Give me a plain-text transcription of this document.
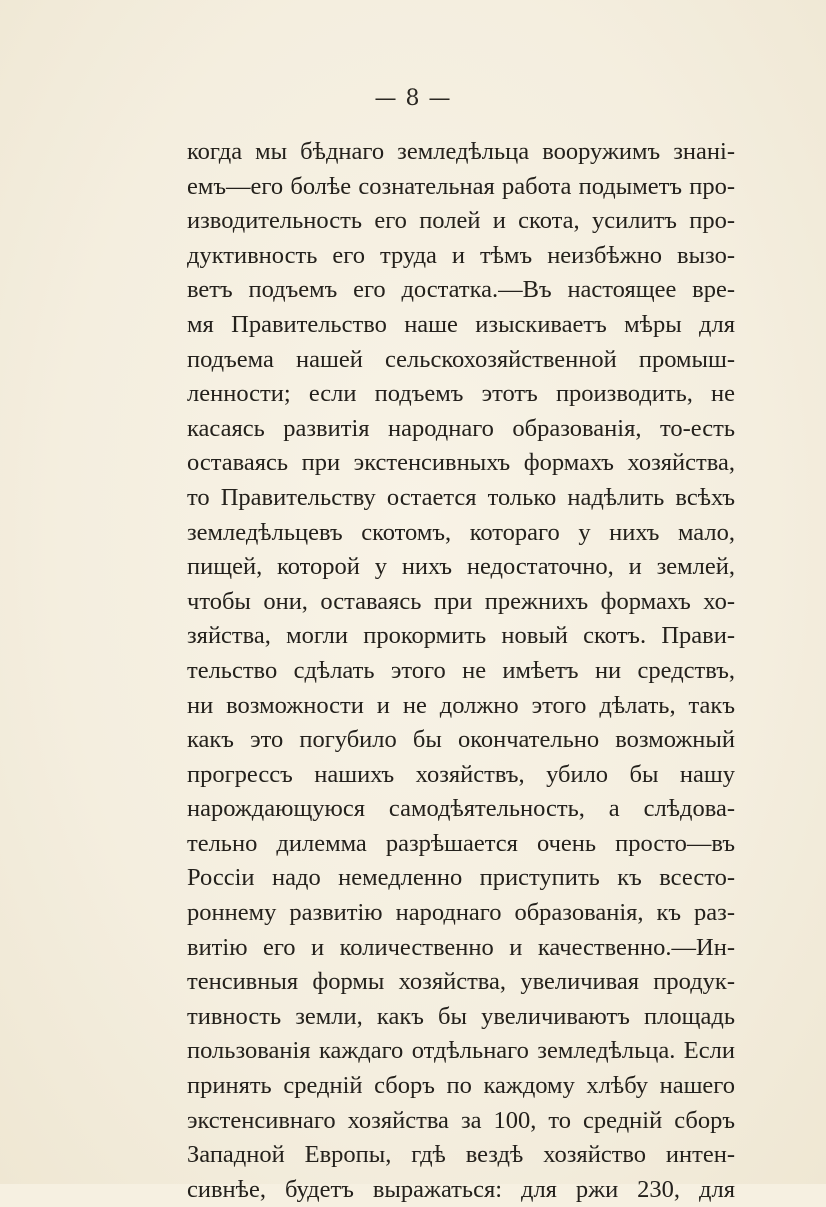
— 8 —
когда мы бѣднаго земледѣльца вооружимъ знанi-
емъ—его болѣе сознательная работа подыметъ про-
изводительность его полей и скота, усилитъ про-
дуктивность его труда и тѣмъ неизбѣжно вызо-
ветъ подъемъ его достатка.—Въ настоящее вре-
мя Правительство наше изыскиваетъ мѣры для
подъема нашей сельскохозяйственной промыш-
ленности; если подъемъ этотъ производить, не
касаясь развитiя народнаго образованiя, то-есть
оставаясь при экстенсивныхъ формахъ хозяйства,
то Правительству остается только надѣлить всѣхъ
земледѣльцевъ скотомъ, котораго у нихъ мало,
пищей, которой у нихъ недостаточно, и землей,
чтобы они, оставаясь при прежнихъ формахъ хо-
зяйства, могли прокормить новый скотъ. Прави-
тельство сдѣлать этого не имѣетъ ни средствъ,
ни возможности и не должно этого дѣлать, такъ
какъ это погубило бы окончательно возможный
прогрессъ нашихъ хозяйствъ, убило бы нашу
нарождающуюся самодѣятельность, а слѣдова-
тельно дилемма разрѣшается очень просто—въ
Россiи надо немедленно приступить къ всесто-
роннему развитiю народнаго образованiя, къ раз-
витiю его и количественно и качественно.—Ин-
тенсивныя формы хозяйства, увеличивая продук-
тивность земли, какъ бы увеличиваютъ площадь
пользованiя каждаго отдѣльнаго земледѣльца. Если
принять среднiй сборъ по каждому хлѣбу нашего
экстенсивнаго хозяйства за 100, то среднiй сборъ
Западной Европы, гдѣ вездѣ хозяйство интен-
сивнѣе, будетъ выражаться: для ржи 230, для
